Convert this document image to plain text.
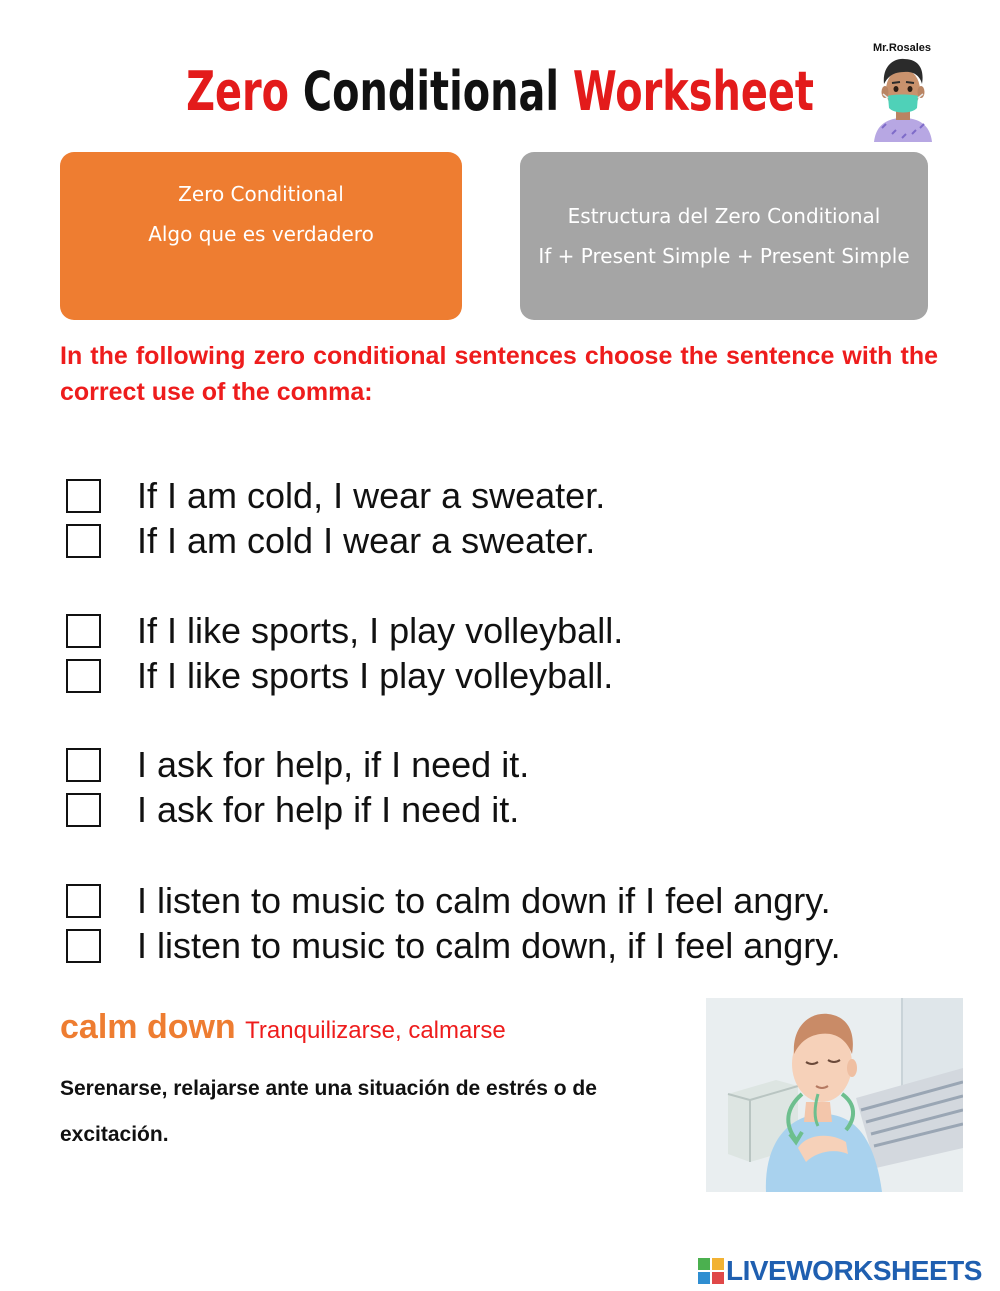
Zero Conditional Worksheet
Mr.Rosales
Zero Conditional
Algo que es verdadero
Estructura del Zero Conditional
If + Present Simple + Present Simple
In the following zero conditional sentences choose the sentence with the correct use of the comma:
If I am cold, I wear a sweater.
If I am cold I wear a sweater.
If I like sports, I play volleyball.
If I like sports I play volleyball.
I ask for help, if I need it.
I ask for help if I need it.
I listen to music to calm down if I feel angry.
I listen to music to calm down, if I feel angry.
calm down Tranquilizarse, calmarse
Serenarse, relajarse ante una situación de estrés o de excitación.
LIVEWORKSHEETS
